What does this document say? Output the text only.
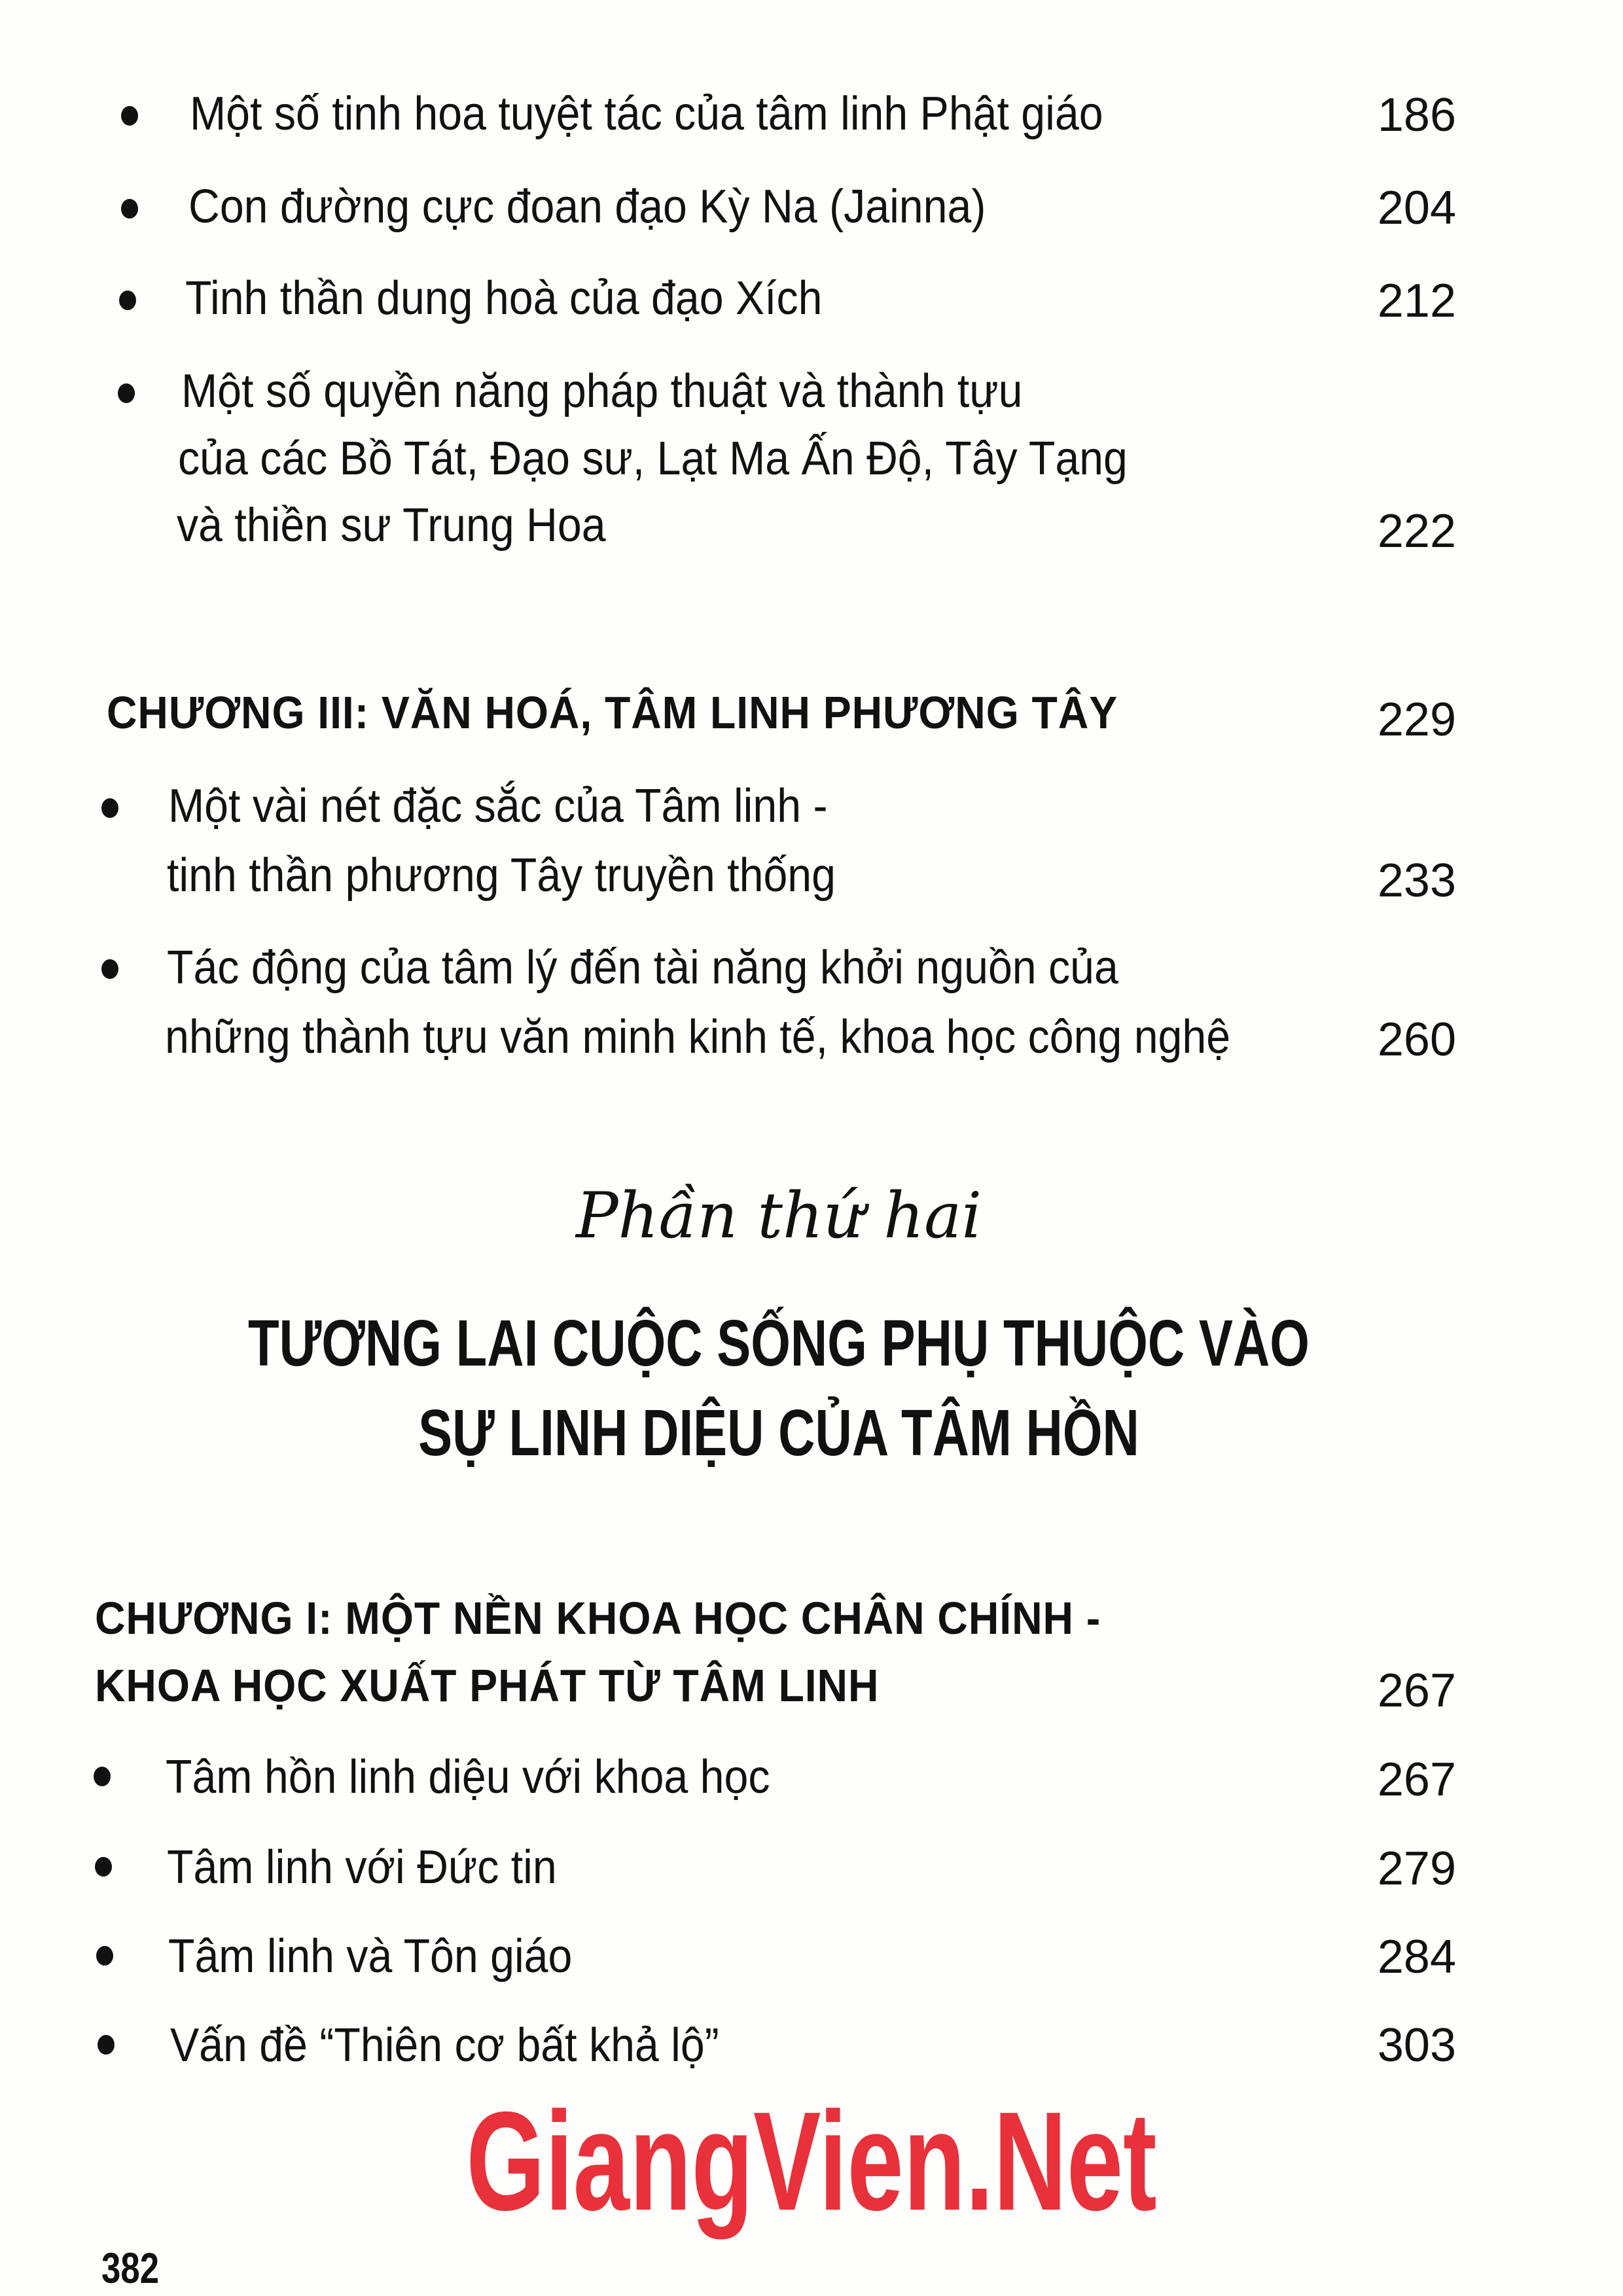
Một số tinh hoa tuyệt tác của tâm linh Phật giáo	186
Con đường cực đoan đạo Kỳ Na (Jainna)	204
Tinh thần dung hoà của đạo Xích	212
Một số quyền năng pháp thuật và thành tựu
của các Bồ Tát, Đạo sư, Lạt Ma Ấn Độ, Tây Tạng
và thiền sư Trung Hoa	222
CHƯƠNG III: VĂN HOÁ, TÂM LINH PHƯƠNG TÂY	229
Một vài nét đặc sắc của Tâm linh -
tinh thần phương Tây truyền thống	233
Tác động của tâm lý đến tài năng khởi nguồn của
những thành tựu văn minh kinh tế, khoa học công nghệ	260
Phần thứ hai
TƯƠNG LAI CUỘC SỐNG PHỤ THUỘC VÀO
SỰ LINH DIỆU CỦA TÂM HỒN
CHƯƠNG I: MỘT NỀN KHOA HỌC CHÂN CHÍNH -
KHOA HỌC XUẤT PHÁT TỪ TÂM LINH	267
Tâm hồn linh diệu với khoa học	267
Tâm linh với Đức tin	279
Tâm linh và Tôn giáo	284
Vấn đề “Thiên cơ bất khả lộ”	303
GiangVien.Net
382
